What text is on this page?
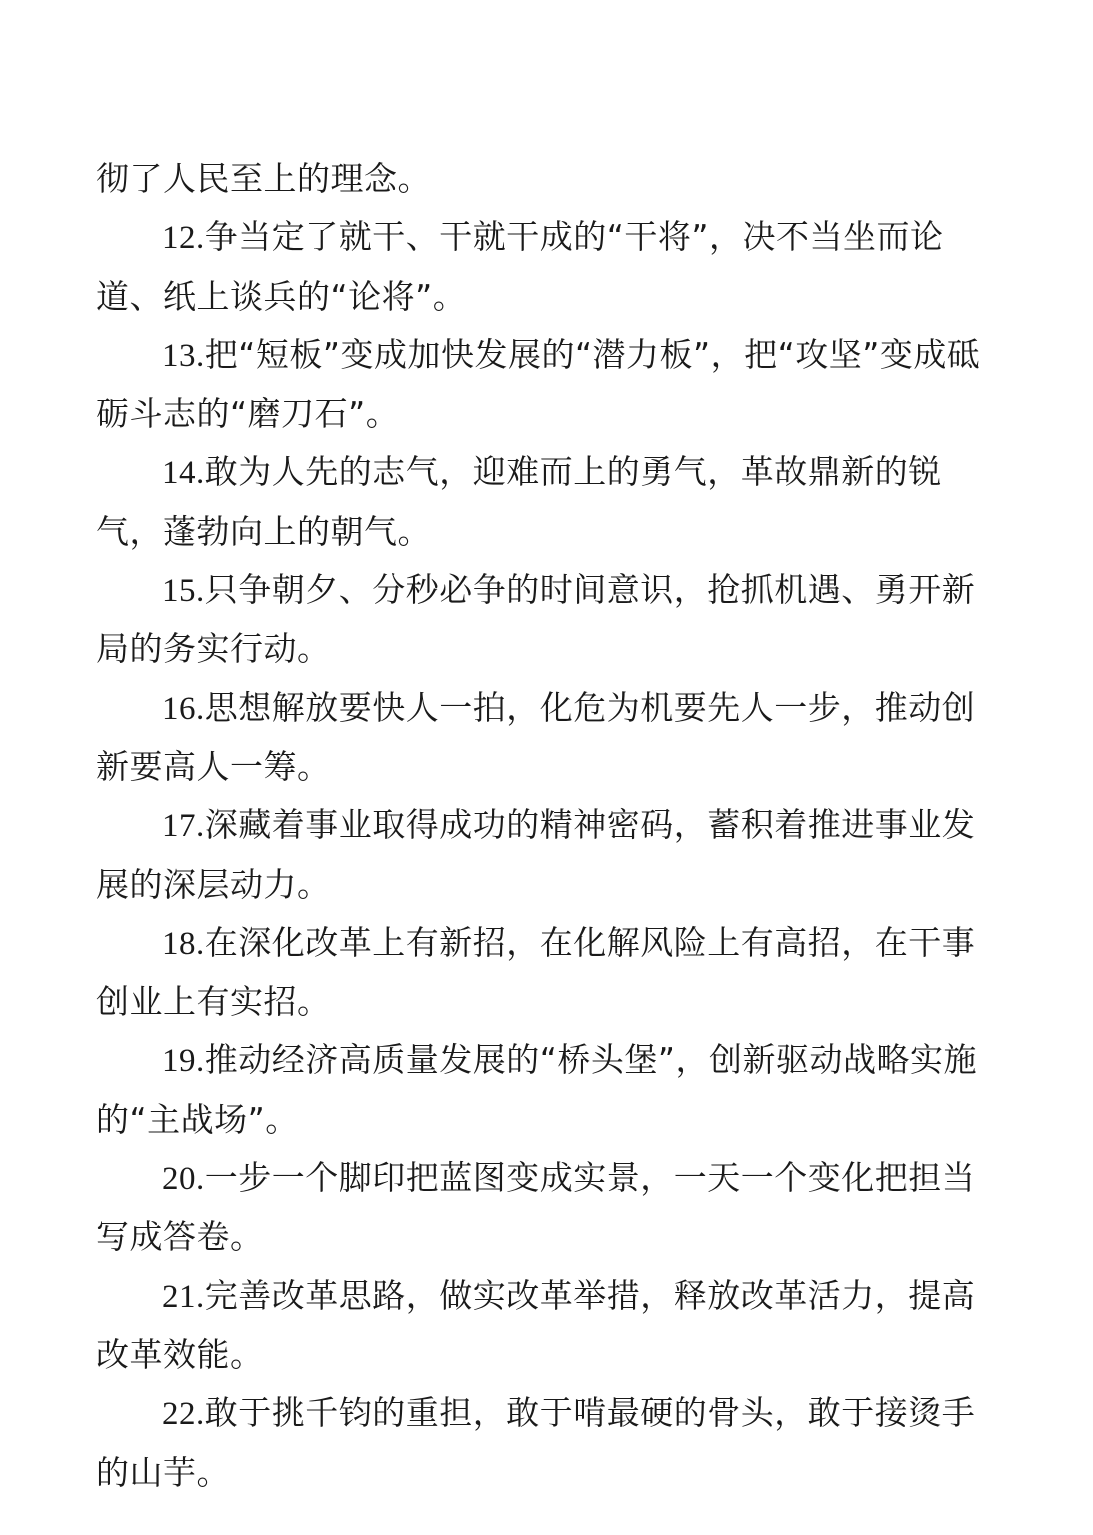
彻了人民至上的理念。

12.争当定了就干、干就干成的“干将”，决不当坐而论道、纸上谈兵的“论将”。

13.把“短板”变成加快发展的“潜力板”，把“攻坚”变成砥砺斗志的“磨刀石”。

14.敢为人先的志气，迎难而上的勇气，革故鼎新的锐气，蓬勃向上的朝气。

15.只争朝夕、分秒必争的时间意识，抢抓机遇、勇开新局的务实行动。

16.思想解放要快人一拍，化危为机要先人一步，推动创新要高人一筹。

17.深藏着事业取得成功的精神密码，蓄积着推进事业发展的深层动力。

18.在深化改革上有新招，在化解风险上有高招，在干事创业上有实招。

19.推动经济高质量发展的“桥头堡”，创新驱动战略实施的“主战场”。

20.一步一个脚印把蓝图变成实景，一天一个变化把担当写成答卷。

21.完善改革思路，做实改革举措，释放改革活力，提高改革效能。

22.敢于挑千钧的重担，敢于啃最硬的骨头，敢于接烫手的山芋。
